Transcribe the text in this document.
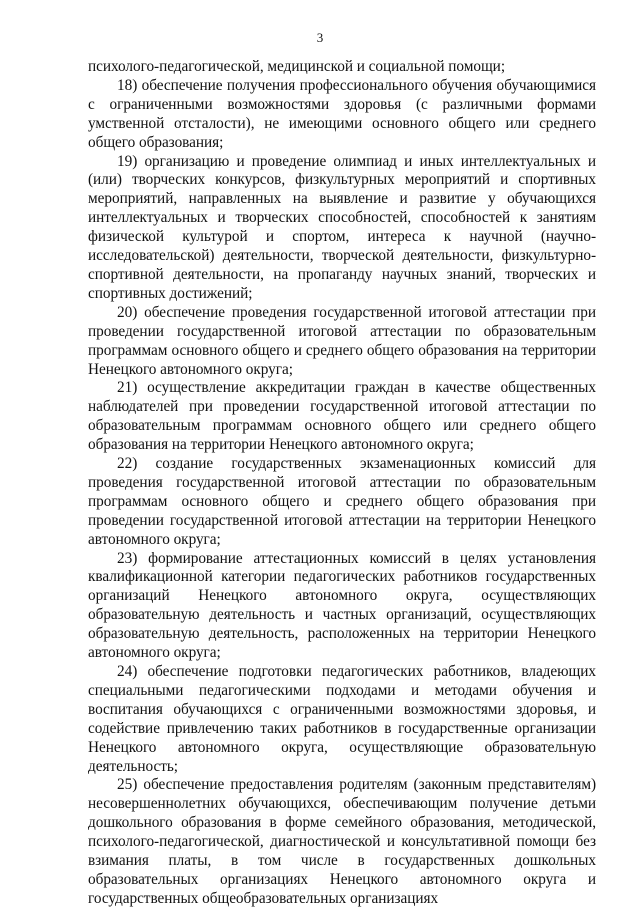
3

психолого-педагогической, медицинской и социальной помощи;

18) обеспечение получения профессионального обучения обучающимися с ограниченными возможностями здоровья (с различными формами умственной отсталости), не имеющими основного общего или среднего общего образования;

19) организацию и проведение олимпиад и иных интеллектуальных и (или) творческих конкурсов, физкультурных мероприятий и спортивных мероприятий, направленных на выявление и развитие у обучающихся интеллектуальных и творческих способностей, способностей к занятиям физической культурой и спортом, интереса к научной (научно-исследовательской) деятельности, творческой деятельности, физкультурно-спортивной деятельности, на пропаганду научных знаний, творческих и спортивных достижений;

20) обеспечение проведения государственной итоговой аттестации при проведении государственной итоговой аттестации по образовательным программам основного общего и среднего общего образования на территории Ненецкого автономного округа;

21) осуществление аккредитации граждан в качестве общественных наблюдателей при проведении государственной итоговой аттестации по образовательным программам основного общего или среднего общего образования на территории Ненецкого автономного округа;

22) создание государственных экзаменационных комиссий для проведения государственной итоговой аттестации по образовательным программам основного общего и среднего общего образования при проведении государственной итоговой аттестации на территории Ненецкого автономного округа;

23) формирование аттестационных комиссий в целях установления квалификационной категории педагогических работников государственных организаций Ненецкого автономного округа, осуществляющих образовательную деятельность и частных организаций, осуществляющих образовательную деятельность, расположенных на территории Ненецкого автономного округа;

24) обеспечение подготовки педагогических работников, владеющих специальными педагогическими подходами и методами обучения и воспитания обучающихся с ограниченными возможностями здоровья, и содействие привлечению таких работников в государственные организации Ненецкого автономного округа, осуществляющие образовательную деятельность;

25) обеспечение предоставления родителям (законным представителям) несовершеннолетних обучающихся, обеспечивающим получение детьми дошкольного образования в форме семейного образования, методической, психолого-педагогической, диагностической и консультативной помощи без взимания платы, в том числе в государственных дошкольных образовательных организациях Ненецкого автономного округа и государственных общеобразовательных организациях
